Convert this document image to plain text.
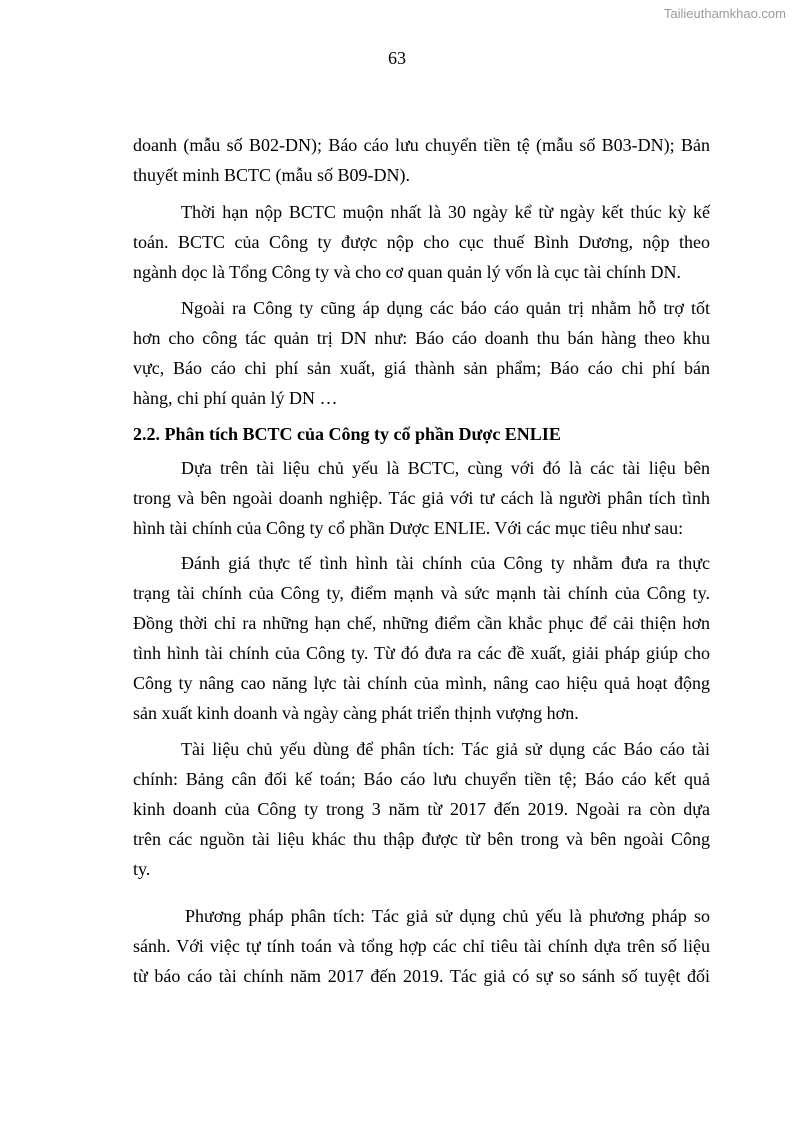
Tailieuthamkhao.com
63
doanh (mẫu số B02-DN); Báo cáo lưu chuyển tiền tệ (mẫu số B03-DN); Bản
thuyết minh BCTC (mẫu số B09-DN).
Thời hạn nộp BCTC muộn nhất là 30 ngày kể từ ngày kết thúc kỳ kế
toán. BCTC của Công ty được nộp cho cục thuế Bình Dương, nộp theo
ngành dọc là Tổng Công ty và cho cơ quan quản lý vốn là cục tài chính DN.
Ngoài ra Công ty cũng áp dụng các báo cáo quản trị nhằm hỗ trợ tốt
hơn cho công tác quản trị DN như: Báo cáo doanh thu bán hàng theo khu
vực, Báo cáo chi phí sản xuất, giá thành sản phẩm; Báo cáo chi phí bán
hàng, chi phí quản lý DN …
2.2. Phân tích BCTC của Công ty cổ phần Dược ENLIE
Dựa trên tài liệu chủ yếu là BCTC, cùng với đó là các tài liệu bên
trong và bên ngoài doanh nghiệp. Tác giả với tư cách là người phân tích tình
hình tài chính của Công ty cổ phần Dược ENLIE. Với các mục tiêu như sau:
Đánh giá thực tế tình hình tài chính của Công ty nhằm đưa ra thực
trạng tài chính của Công ty, điểm mạnh và sức mạnh tài chính của Công ty.
Đồng thời chỉ ra những hạn chế, những điểm cần khắc phục để cải thiện hơn
tình hình tài chính của Công ty. Từ đó đưa ra các đề xuất, giải pháp giúp cho
Công ty nâng cao năng lực tài chính của mình, nâng cao hiệu quả hoạt động
sản xuất kinh doanh và ngày càng phát triển thịnh vượng hơn.
Tài liệu chủ yếu dùng để phân tích: Tác giả sử dụng các Báo cáo tài
chính: Bảng cân đối kế toán; Báo cáo lưu chuyển tiền tệ; Báo cáo kết quả
kinh doanh của Công ty trong 3 năm từ 2017 đến 2019. Ngoài ra còn dựa
trên các nguồn tài liệu khác thu thập được từ bên trong và bên ngoài Công
ty.
Phương pháp phân tích: Tác giả sử dụng chủ yếu là phương pháp so
sánh. Với việc tự tính toán và tổng hợp các chỉ tiêu tài chính dựa trên số liệu
từ báo cáo tài chính năm 2017 đến 2019. Tác giả có sự so sánh số tuyệt đối
